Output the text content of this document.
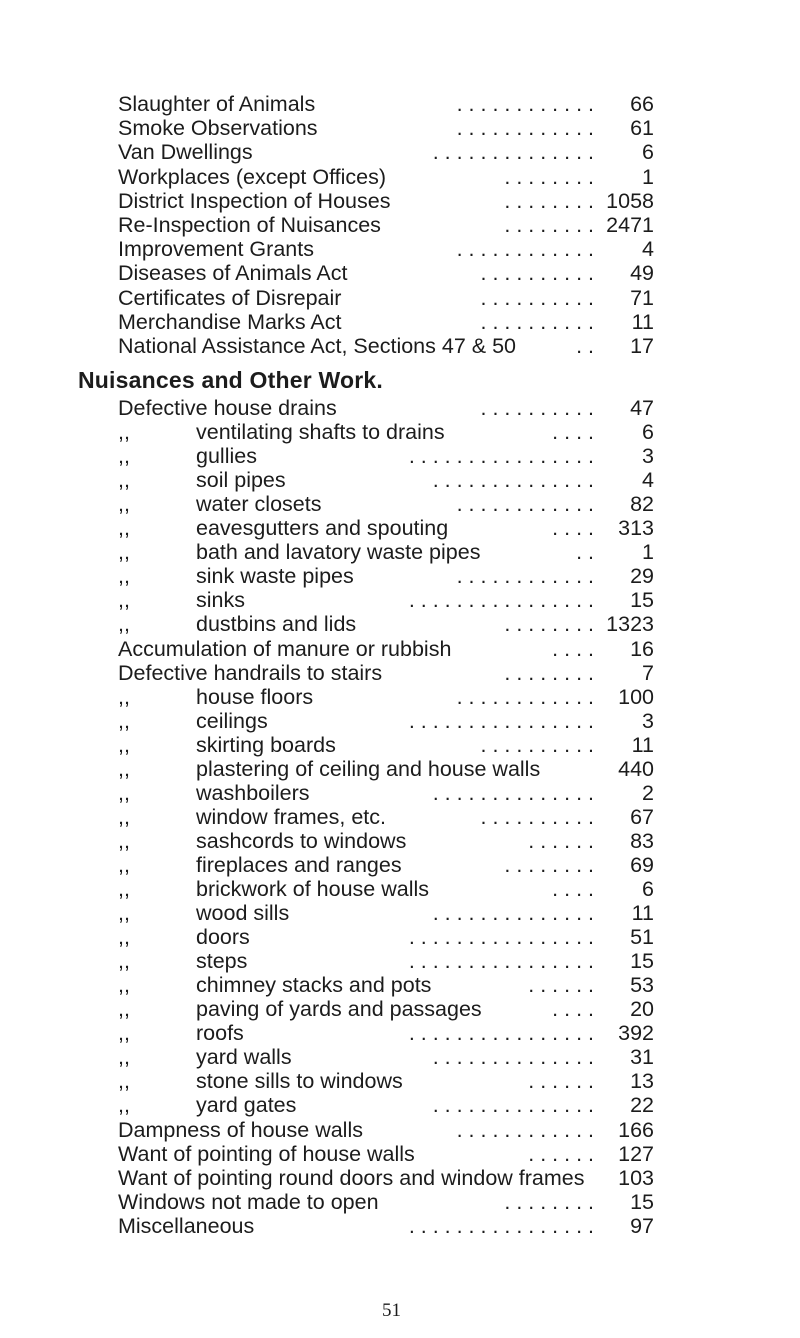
Slaughter of Animals	. . . . . . . . . . . . 66
Smoke Observations	. . . . . . . . . . . . 61
Van Dwellings	. . . . . . . . . . . . . . 6
Workplaces (except Offices)	. . . . . . . . 1
District Inspection of Houses	. . . . . . . . 1058
Re-Inspection of Nuisances	. . . . . . . . 2471
Improvement Grants	. . . . . . . . . . . . 4
Diseases of Animals Act	. . . . . . . . . . 49
Certificates of Disrepair	. . . . . . . . . . 71
Merchandise Marks Act	. . . . . . . . . . 11
National Assistance Act, Sections 47 & 50	. . 17
Nuisances and Other Work.
Defective house drains	. . . . . . . . . . 47
,,	ventilating shafts to drains	. . . . 6
,,	gullies	. . . . . . . . . . . . . . . . 3
,,	soil pipes	. . . . . . . . . . . . . . 4
,,	water closets	. . . . . . . . . . . . 82
,,	eavesgutters and spouting	. . . . 313
,,	bath and lavatory waste pipes	. . 1
,,	sink waste pipes	. . . . . . . . . . . . 29
,,	sinks	. . . . . . . . . . . . . . . . 15
,,	dustbins and lids	. . . . . . . . 1323
Accumulation of manure or rubbish	. . . . 16
Defective handrails to stairs	. . . . . . . . 7
,,	house floors	. . . . . . . . . . . . 100
,,	ceilings	. . . . . . . . . . . . . . . . 3
,,	skirting boards	. . . . . . . . . . 11
,,	plastering of ceiling and house walls	440
,,	washboilers	. . . . . . . . . . . . . . 2
,,	window frames, etc.	. . . . . . . . . . 67
,,	sashcords to windows	. . . . . . 83
,,	fireplaces and ranges	. . . . . . . . 69
,,	brickwork of house walls	. . . . 6
,,	wood sills	. . . . . . . . . . . . . . 11
,,	doors	. . . . . . . . . . . . . . . . 51
,,	steps	. . . . . . . . . . . . . . . . 15
,,	chimney stacks and pots	. . . . . . 53
,,	paving of yards and passages	. . . . 20
,,	roofs	. . . . . . . . . . . . . . . . 392
,,	yard walls	. . . . . . . . . . . . . . 31
,,	stone sills to windows	. . . . . . 13
,,	yard gates	. . . . . . . . . . . . . . 22
Dampness of house walls	. . . . . . . . . . . . 166
Want of pointing of house walls	. . . . . . 127
Want of pointing round doors and window frames 103
Windows not made to open	. . . . . . . . 15
Miscellaneous	. . . . . . . . . . . . . . . . 97
51
